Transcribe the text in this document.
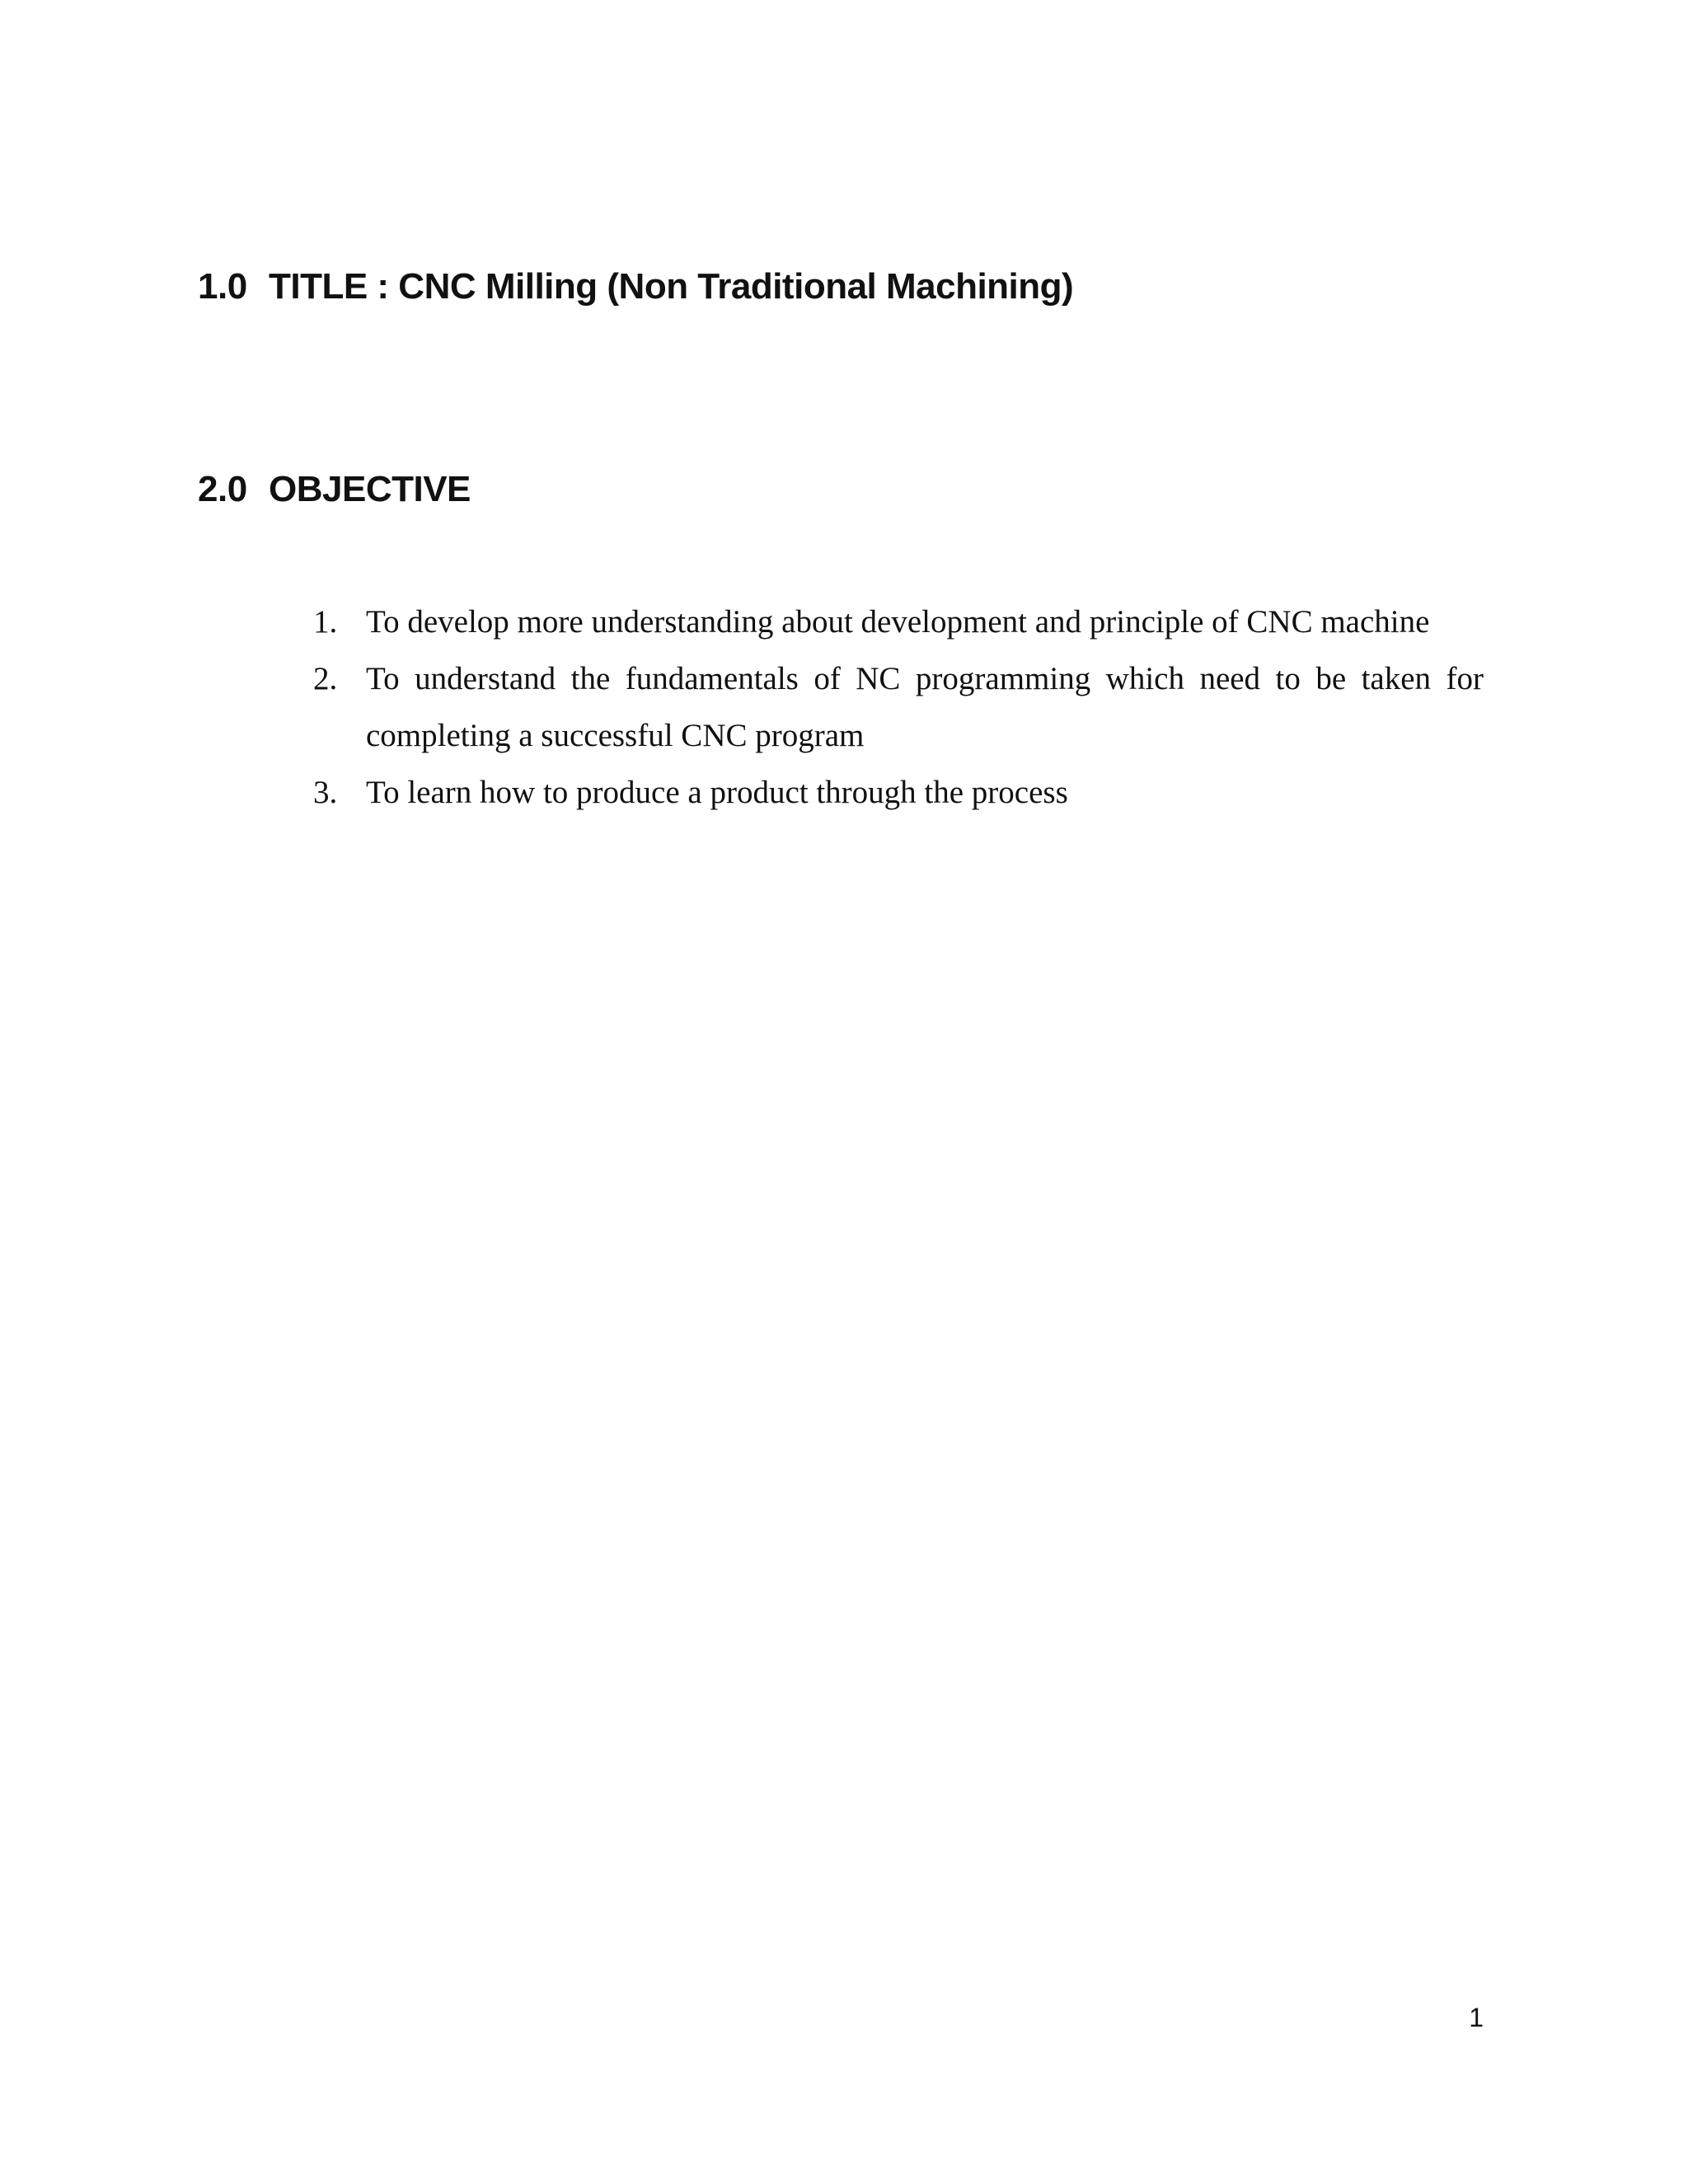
1.0 TITLE : CNC Milling (Non Traditional Machining)
2.0 OBJECTIVE
1. To develop more understanding about development and principle of CNC machine
2. To understand the fundamentals of NC programming which need to be taken for completing a successful CNC program
3. To learn how to produce a product through the process
1
